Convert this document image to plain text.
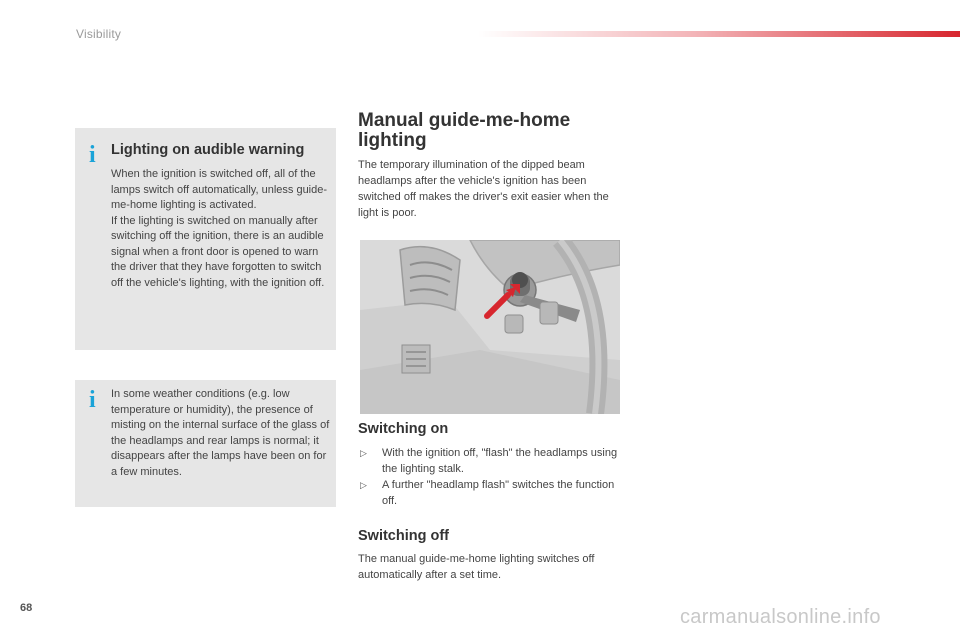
Visibility
i Lighting on audible warning
When the ignition is switched off, all of the lamps switch off automatically, unless guide-me-home lighting is activated.
If the lighting is switched on manually after switching off the ignition, there is an audible signal when a front door is opened to warn the driver that they have forgotten to switch off the vehicle's lighting, with the ignition off.
i In some weather conditions (e.g. low temperature or humidity), the presence of misting on the internal surface of the glass of the headlamps and rear lamps is normal; it disappears after the lamps have been on for a few minutes.
Manual guide-me-home lighting
The temporary illumination of the dipped beam headlamps after the vehicle's ignition has been switched off makes the driver's exit easier when the light is poor.
Switching on
▷ With the ignition off, "flash" the headlamps using the lighting stalk.
▷ A further "headlamp flash" switches the function off.
Switching off
The manual guide-me-home lighting switches off automatically after a set time.
68	carmanualsonline.info
